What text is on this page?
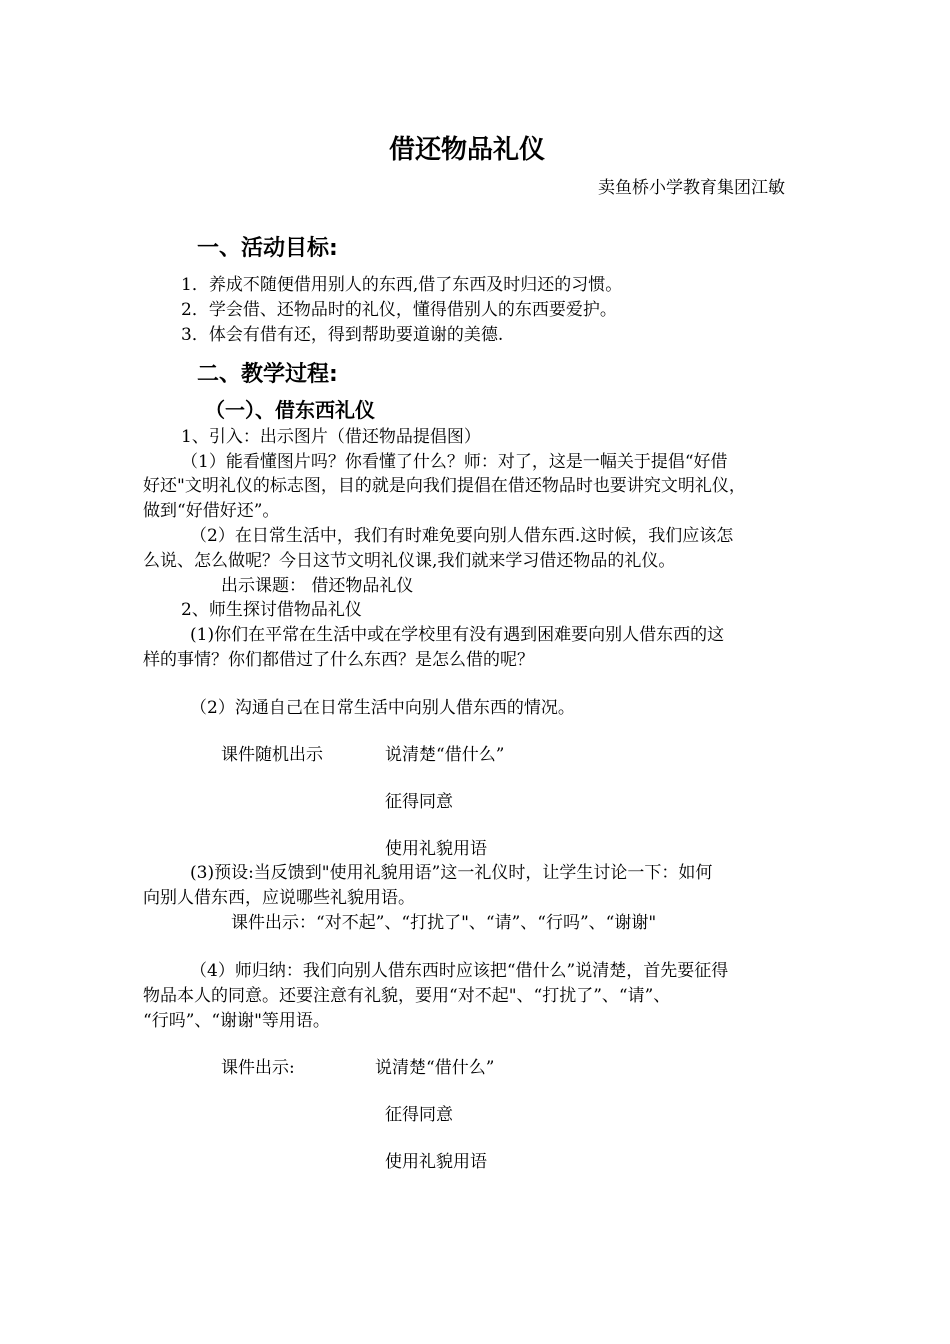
借还物品礼仪
卖鱼桥小学教育集团江敏
一、活动目标:
1．养成不随便借用别人的东西,借了东西及时归还的习惯。
2．学会借、还物品时的礼仪，懂得借别人的东西要爱护。
3．体会有借有还，得到帮助要道谢的美德.
二、教学过程:
（一）、借东西礼仪
1、引入：出示图片（借还物品提倡图）
（1）能看懂图片吗？你看懂了什么？师：对了，这是一幅关于提倡“好借
好还"文明礼仪的标志图，目的就是向我们提倡在借还物品时也要讲究文明礼仪，
做到“好借好还”。
（2）在日常生活中，我们有时难免要向别人借东西.这时候，我们应该怎
么说、怎么做呢？今日这节文明礼仪课,我们就来学习借还物品的礼仪。
出示课题： 借还物品礼仪
2、师生探讨借物品礼仪
(1)你们在平常在生活中或在学校里有没有遇到困难要向别人借东西的这
样的事情？你们都借过了什么东西？是怎么借的呢？
（2）沟通自己在日常生活中向别人借东西的情况。
课件随机出示	说清楚“借什么”
征得同意
使用礼貌用语
(3)预设:当反馈到"使用礼貌用语”这一礼仪时，让学生讨论一下：如何
向别人借东西，应说哪些礼貌用语。
课件出示：“对不起”、“打扰了"、“请”、“行吗”、“谢谢"
（4）师归纳：我们向别人借东西时应该把“借什么”说清楚，首先要征得
物品本人的同意。还要注意有礼貌，要用“对不起"、“打扰了”、“请”、
“行吗”、“谢谢"等用语。
课件出示:	说清楚“借什么”
征得同意
使用礼貌用语
